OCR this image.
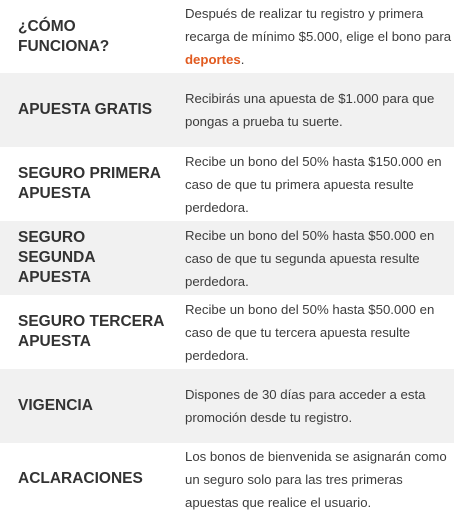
¿CÓMO FUNCIONA?	Después de realizar tu registro y primera recarga de mínimo $5.000, elige el bono para deportes.
APUESTA GRATIS	Recibirás una apuesta de $1.000 para que pongas a prueba tu suerte.
SEGURO PRIMERA APUESTA	Recibe un bono del 50% hasta $150.000 en caso de que tu primera apuesta resulte perdedora.
SEGURO SEGUNDA APUESTA	Recibe un bono del 50% hasta $50.000 en caso de que tu segunda apuesta resulte perdedora.
SEGURO TERCERA APUESTA	Recibe un bono del 50% hasta $50.000 en caso de que tu tercera apuesta resulte perdedora.
VIGENCIA	Dispones de 30 días para acceder a esta promoción desde tu registro.
ACLARACIONES	Los bonos de bienvenida se asignarán como un seguro solo para las tres primeras apuestas que realice el usuario.
